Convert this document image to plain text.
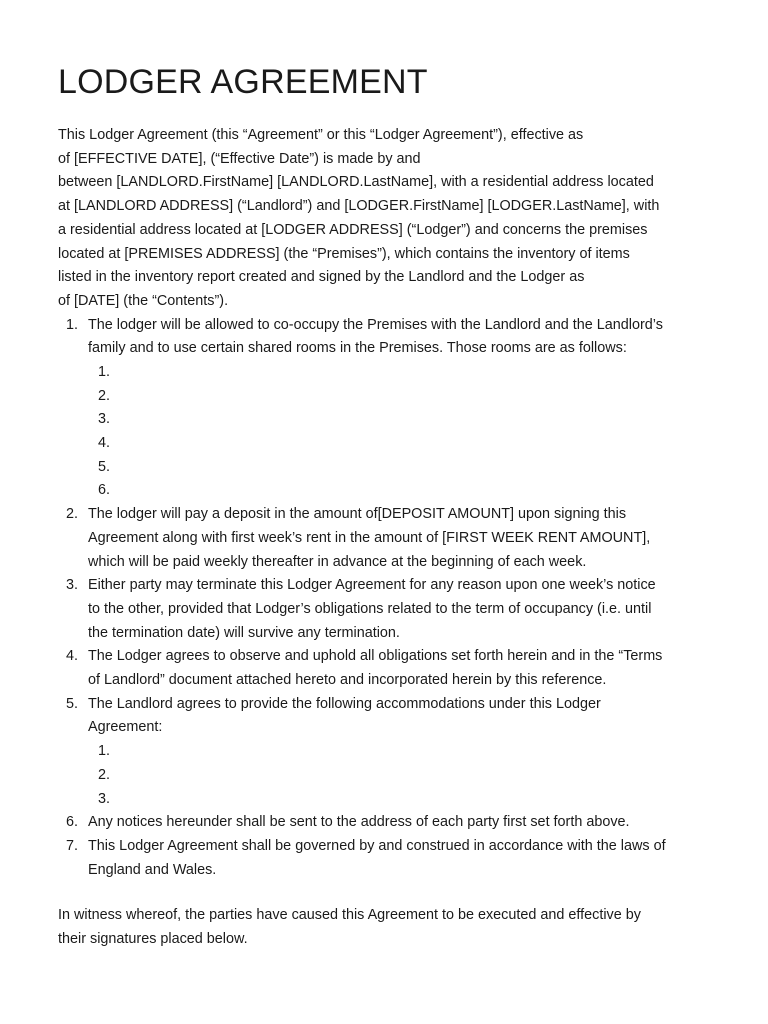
LODGER AGREEMENT

This Lodger Agreement (this “Agreement” or this “Lodger Agreement”), effective as
of [EFFECTIVE DATE], (“Effective Date”) is made by and
between [LANDLORD.FirstName] [LANDLORD.LastName], with a residential address located
at [LANDLORD ADDRESS] (“Landlord”) and [LODGER.FirstName] [LODGER.LastName], with
a residential address located at [LODGER ADDRESS] (“Lodger”) and concerns the premises
located at [PREMISES ADDRESS] (the “Premises”), which contains the inventory of items
listed in the inventory report created and signed by the Landlord and the Lodger as
of [DATE] (the “Contents”).

1. The lodger will be allowed to co-occupy the Premises with the Landlord and the Landlord’s
family and to use certain shared rooms in the Premises. Those rooms are as follows:
1.
2.
3.
4.
5.
6.
2. The lodger will pay a deposit in the amount of[DEPOSIT AMOUNT] upon signing this
Agreement along with first week’s rent in the amount of [FIRST WEEK RENT AMOUNT],
which will be paid weekly thereafter in advance at the beginning of each week.
3. Either party may terminate this Lodger Agreement for any reason upon one week’s notice
to the other, provided that Lodger’s obligations related to the term of occupancy (i.e. until
the termination date) will survive any termination.
4. The Lodger agrees to observe and uphold all obligations set forth herein and in the “Terms
of Landlord” document attached hereto and incorporated herein by this reference.
5. The Landlord agrees to provide the following accommodations under this Lodger
Agreement:
1.
2.
3.
6. Any notices hereunder shall be sent to the address of each party first set forth above.
7. This Lodger Agreement shall be governed by and construed in accordance with the laws of
England and Wales.

In witness whereof, the parties have caused this Agreement to be executed and effective by
their signatures placed below.
